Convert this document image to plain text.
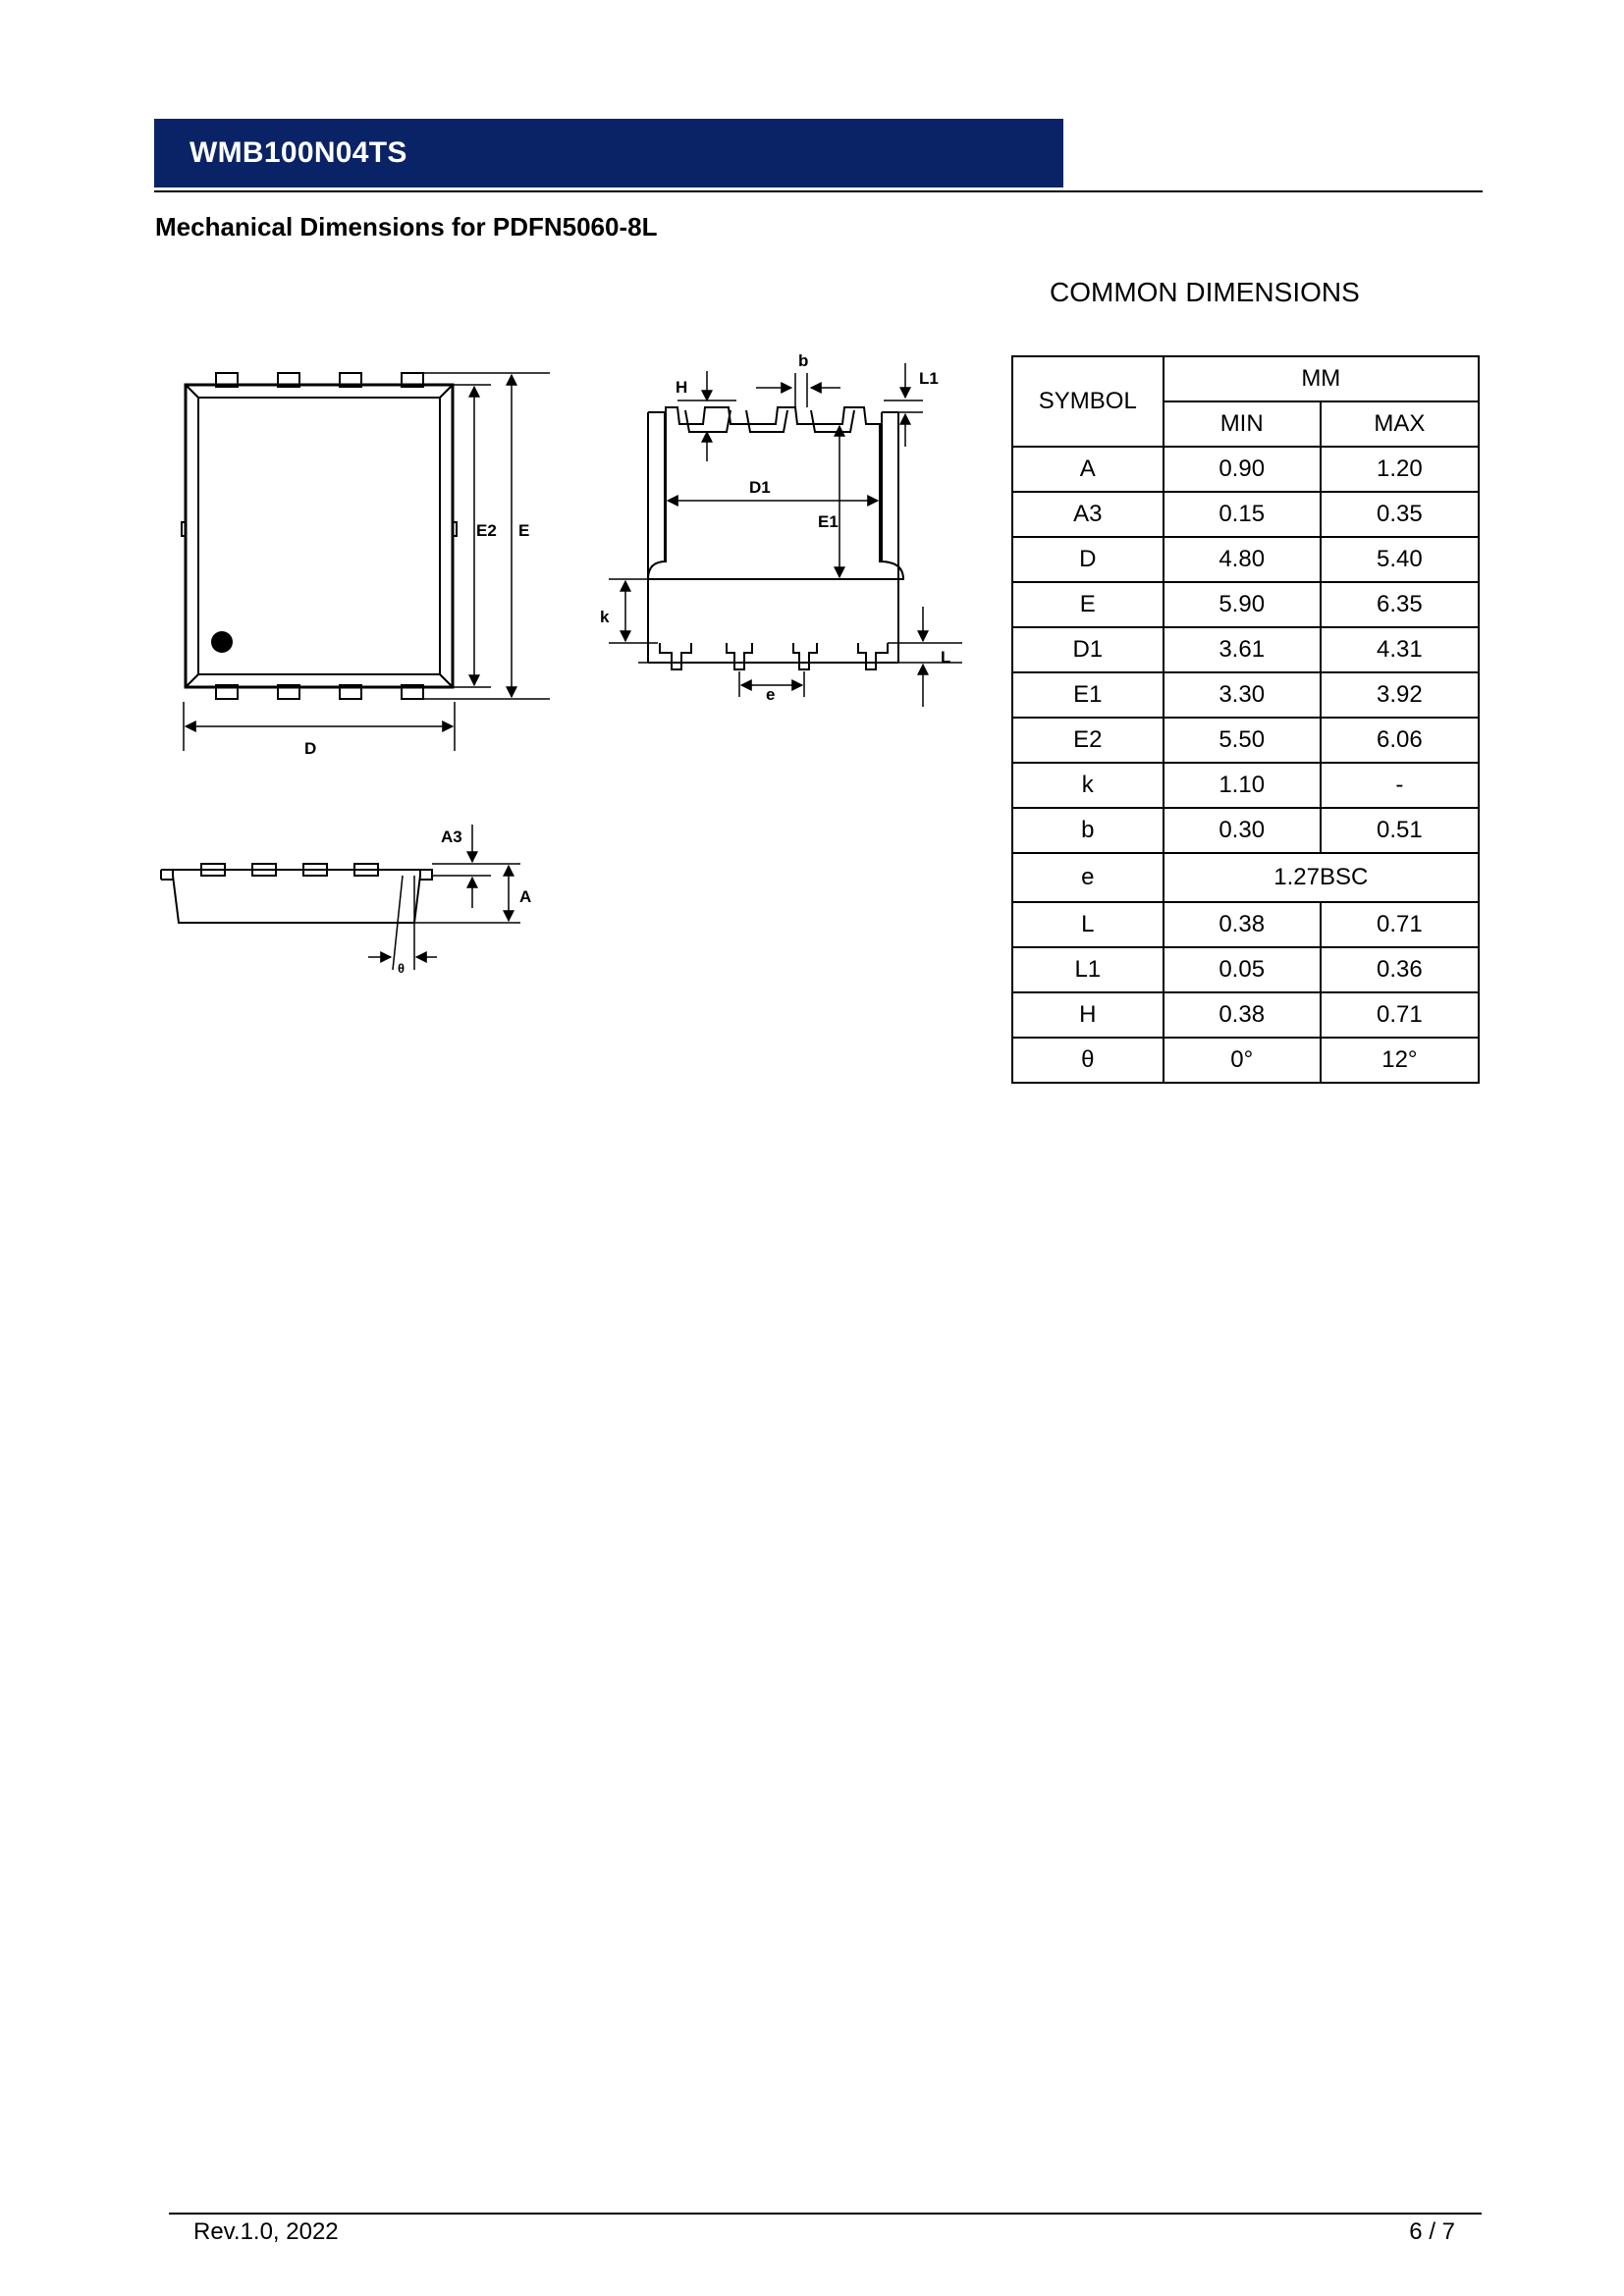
WMB100N04TS
Mechanical Dimensions for PDFN5060-8L
E2 E
D
H
b
L1
D1
E1
k
L
e
A3
A
θ
COMMON DIMENSIONS
SYMBOL	MM	
	MIN	MAX
A	0.90	1.20
A3	0.15	0.35
D	4.80	5.40
E	5.90	6.35
D1	3.61	4.31
E1	3.30	3.92
E2	5.50	6.06
k	1.10	-
b	0.30	0.51
e	1.27BSC	
L	0.38	0.71
L1	0.05	0.36
H	0.38	0.71
θ	0°	12°
Rev.1.0, 2022	6 / 7
